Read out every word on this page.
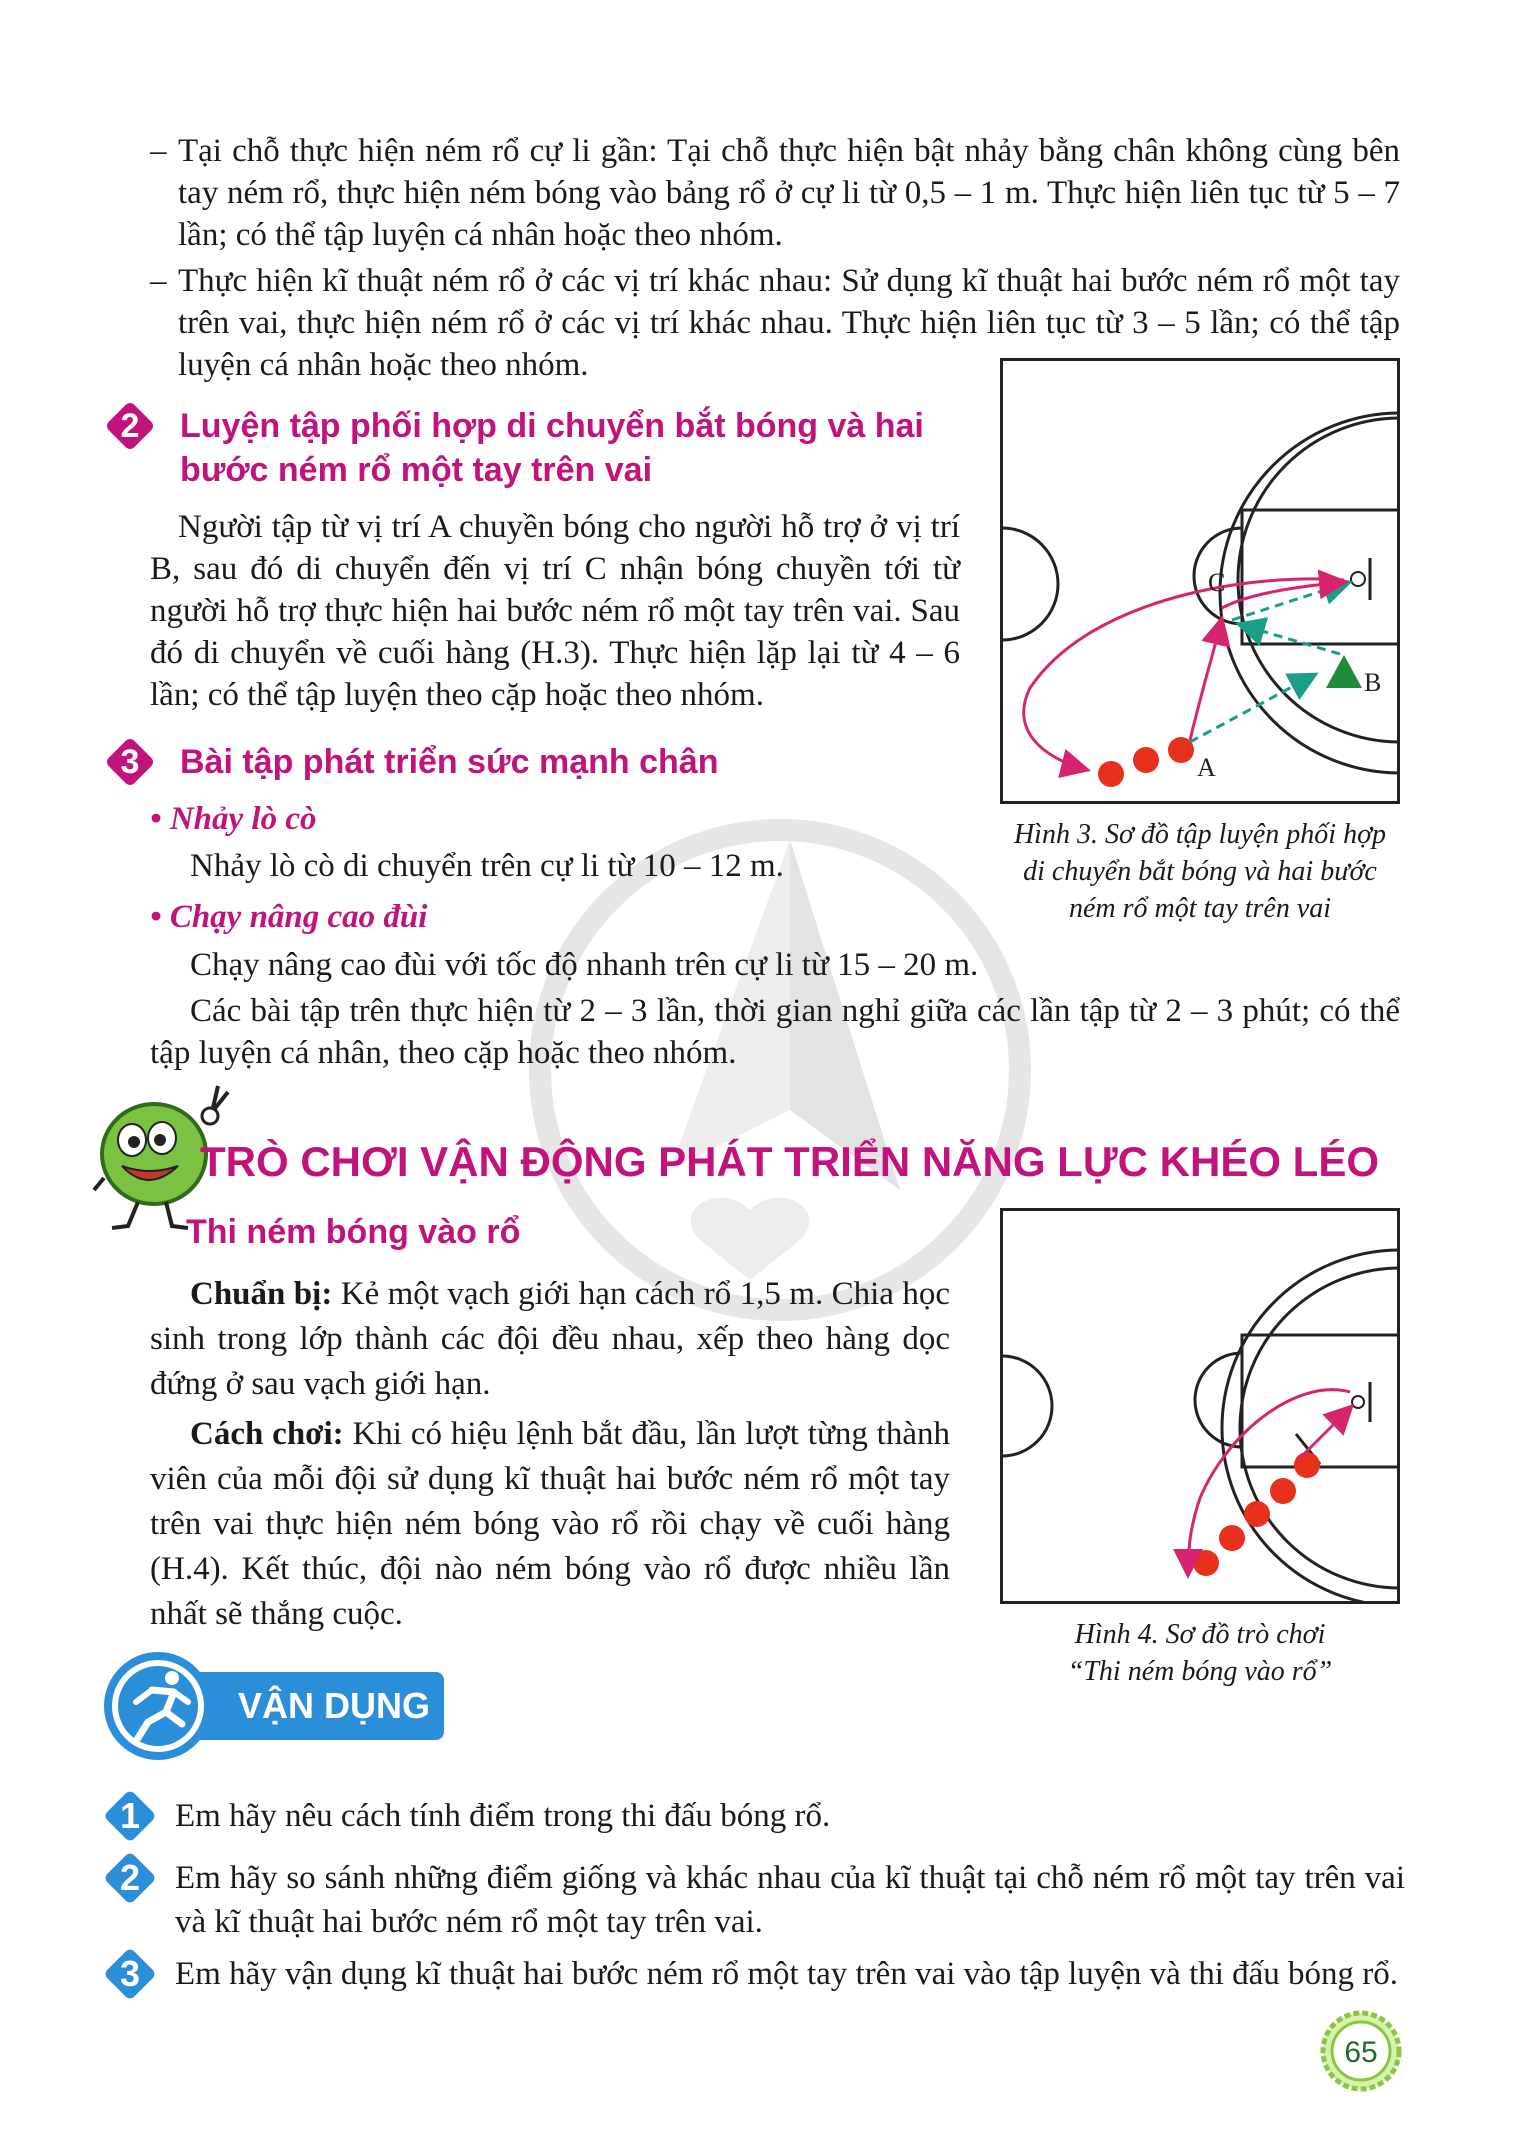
– Tại chỗ thực hiện ném rổ cự li gần: Tại chỗ thực hiện bật nhảy bằng chân không cùng bên tay ném rổ, thực hiện ném bóng vào bảng rổ ở cự li từ 0,5 – 1 m. Thực hiện liên tục từ 5 – 7 lần; có thể tập luyện cá nhân hoặc theo nhóm.
– Thực hiện kĩ thuật ném rổ ở các vị trí khác nhau: Sử dụng kĩ thuật hai bước ném rổ một tay trên vai, thực hiện ném rổ ở các vị trí khác nhau. Thực hiện liên tục từ 3 – 5 lần; có thể tập luyện cá nhân hoặc theo nhóm.
2	Luyện tập phối hợp di chuyển bắt bóng và hai
bước ném rổ một tay trên vai
Người tập từ vị trí A chuyền bóng cho người hỗ trợ ở vị trí B, sau đó di chuyển đến vị trí C nhận bóng chuyền tới từ người hỗ trợ thực hiện hai bước ném rổ một tay trên vai. Sau đó di chuyển về cuối hàng (H.3). Thực hiện lặp lại từ 4 – 6 lần; có thể tập luyện theo cặp hoặc theo nhóm.
C
B
A
Hình 3. Sơ đồ tập luyện phối hợp
di chuyển bắt bóng và hai bước
ném rổ một tay trên vai
3	Bài tập phát triển sức mạnh chân
• Nhảy lò cò
Nhảy lò cò di chuyển trên cự li từ 10 – 12 m.
• Chạy nâng cao đùi
Chạy nâng cao đùi với tốc độ nhanh trên cự li từ 15 – 20 m.
Các bài tập trên thực hiện từ 2 – 3 lần, thời gian nghỉ giữa các lần tập từ 2 – 3 phút; có thể tập luyện cá nhân, theo cặp hoặc theo nhóm.
TRÒ CHƠI VẬN ĐỘNG PHÁT TRIỂN NĂNG LỰC KHÉO LÉO
Thi ném bóng vào rổ
Chuẩn bị: Kẻ một vạch giới hạn cách rổ 1,5 m. Chia học sinh trong lớp thành các đội đều nhau, xếp theo hàng dọc đứng ở sau vạch giới hạn.
Cách chơi: Khi có hiệu lệnh bắt đầu, lần lượt từng thành viên của mỗi đội sử dụng kĩ thuật hai bước ném rổ một tay trên vai thực hiện ném bóng vào rổ rồi chạy về cuối hàng (H.4). Kết thúc, đội nào ném bóng vào rổ được nhiều lần nhất sẽ thắng cuộc.
Hình 4. Sơ đồ trò chơi
“Thi ném bóng vào rổ”
VẬN DỤNG
1	Em hãy nêu cách tính điểm trong thi đấu bóng rổ.
2	Em hãy so sánh những điểm giống và khác nhau của kĩ thuật tại chỗ ném rổ một tay trên vai và kĩ thuật hai bước ném rổ một tay trên vai.
3	Em hãy vận dụng kĩ thuật hai bước ném rổ một tay trên vai vào tập luyện và thi đấu bóng rổ.
65
